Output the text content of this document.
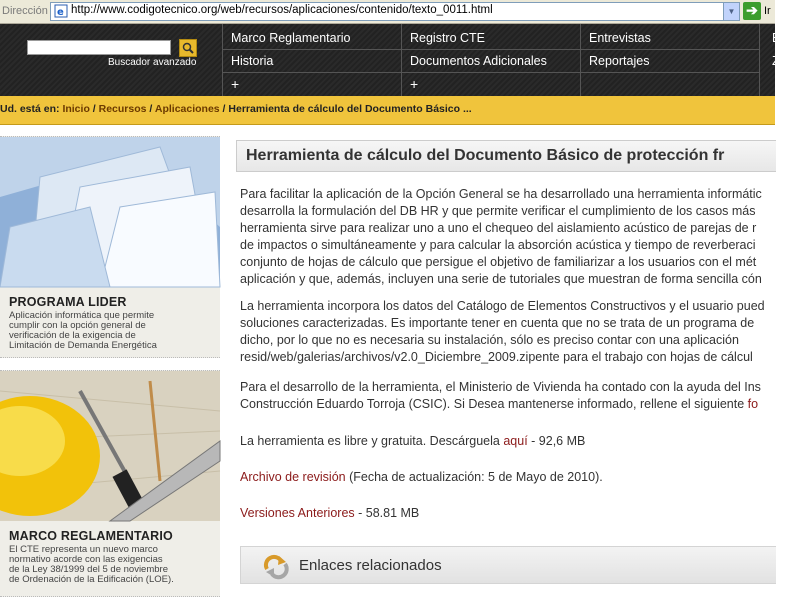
Dirección e http://www.codigotecnico.org/web/recursos/aplicaciones/contenido/texto_0011.html	▼ ➔ Ir
Buscador avanzado
Marco Reglamentario
Historia
+
Registro CTE
Documentos Adicionales
+
Entrevistas
Reportajes
E
Z
Ud. está en: Inicio / Recursos / Aplicaciones / Herramienta de cálculo del Documento Básico ...
PROGRAMA LIDER

Aplicación informática que permite
cumplir con la opción general de
verificación de la exigencia de
Limitación de Demanda Energética

MARCO REGLAMENTARIO

El CTE representa un nuevo marco
normativo acorde con las exigencias
de la Ley 38/1999 del 5 de noviembre
de Ordenación de la Edificación (LOE).

Herramienta de cálculo del Documento Básico de protección fr

Para facilitar la aplicación de la Opción General se ha desarrollado una herramienta informátic
desarrolla la formulación del DB HR y que permite verificar el cumplimiento de los casos más
herramienta sirve para realizar uno a uno el chequeo del aislamiento acústico de parejas de r
de impactos o simultáneamente y para calcular la absorción acústica y tiempo de reverberaci
conjunto de hojas de cálculo que persigue el objetivo de familiarizar a los usuarios con el mét
aplicación y que, además, incluyen una serie de tutoriales que muestran de forma sencilla cón

La herramienta incorpora los datos del Catálogo de Elementos Constructivos y el usuario pued
soluciones caracterizadas. Es importante tener en cuenta que no se trata de un programa de
dicho, por lo que no es necesaria su instalación, sólo es preciso contar con una aplicación
resid/web/galerias/archivos/v2.0_Diciembre_2009.zipente para el trabajo con hojas de cálcul

Para el desarrollo de la herramienta, el Ministerio de Vivienda ha contado con la ayuda del Ins
Construcción Eduardo Torroja (CSIC). Si Desea mantenerse informado, rellene el siguiente fo

La herramienta es libre y gratuita. Descárguela aquí - 92,6 MB

Archivo de revisión (Fecha de actualización: 5 de Mayo de 2010).

Versiones Anteriores - 58.81 MB

Enlaces relacionados
